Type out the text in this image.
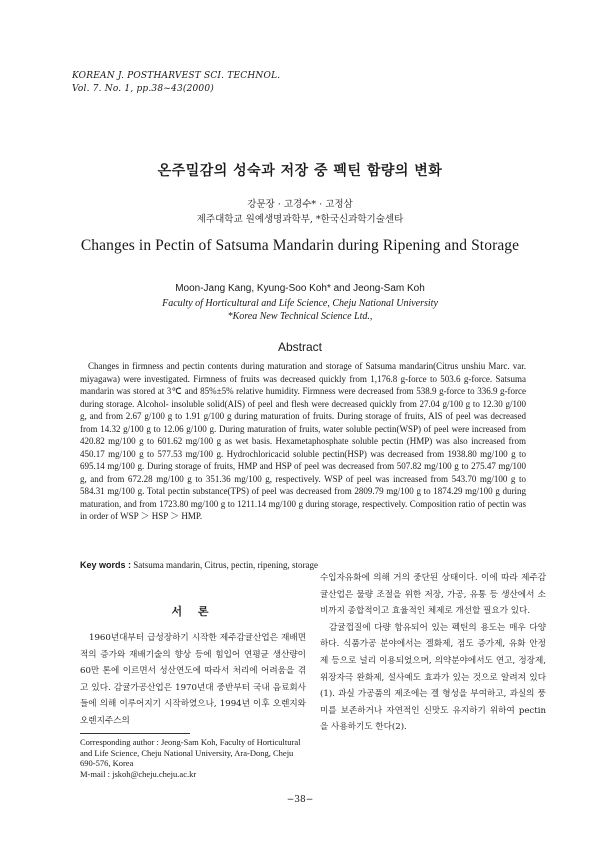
KOREAN J. POSTHARVEST SCI. TECHNOL.
Vol. 7. No. 1, pp.38~43(2000)
온주밀감의 성숙과 저장 중 펙틴 함량의 변화
강문장 · 고경수* · 고정삼
제주대학교 원예생명과학부, *한국신과학기술센타
Changes in Pectin of Satsuma Mandarin during Ripening and Storage
Moon-Jang Kang, Kyung-Soo Koh* and Jeong-Sam Koh
Faculty of Horticultural and Life Science, Cheju National University
*Korea New Technical Science Ltd.,
Abstract

Changes in firmness and pectin contents during maturation and storage of Satsuma mandarin(Citrus unshiu Marc. var. miyagawa) were investigated. Firmness of fruits was decreased quickly from 1,176.8 g-force to 503.6 g-force. Satsuma mandarin was stored at 3℃ and 85%±5% relative humidity. Firmness were decreased from 538.9 g-force to 336.9 g-force during storage. Alcohol- insoluble solid(AIS) of peel and flesh were decreased quickly from 27.04 g/100 g to 12.30 g/100 g, and from 2.67 g/100 g to 1.91 g/100 g during maturation of fruits. During storage of fruits, AIS of peel was decreased from 14.32 g/100 g to 12.06 g/100 g. During maturation of fruits, water soluble pectin(WSP) of peel were increased from 420.82 mg/100 g to 601.62 mg/100 g as wet basis. Hexametaphosphate soluble pectin (HMP) was also increased from 450.17 mg/100 g to 577.53 mg/100 g. Hydrochloricacid soluble pectin(HSP) was decreased from 1938.80 mg/100 g to 695.14 mg/100 g. During storage of fruits, HMP and HSP of peel was decreased from 507.82 mg/100 g to 275.47 mg/100 g, and from 672.28 mg/100 g to 351.36 mg/100 g, respectively. WSP of peel was increased from 543.70 mg/100 g to 584.31 mg/100 g. Total pectin substance(TPS) of peel was decreased from 2809.79 mg/100 g to 1874.29 mg/100 g during maturation, and from 1723.80 mg/100 g to 1211.14 mg/100 g during storage, respectively. Composition ratio of pectin was in order of WSP ＞ HSP ＞ HMP.

Key words : Satsuma mandarin, Citrus, pectin, ripening, storage
서 론

1960년대부터 급성장하기 시작한 제주감귤산업은 재배면적의 증가와 재배기술의 향상 등에 힘입어 연평균 생산량이 60만 톤에 이르면서 성산연도에 따라서 처리에 어려움을 겪고 있다. 감귤가공산업은 1970년대 중반부터 국내 음료회사들에 의해 이루어지기 시작하였으나, 1994년 이후 오렌지와 오렌지주스의

수입자유화에 의해 거의 중단된 상태이다. 이에 따라 제주감귤산업은 물량 조절을 위한 저장, 가공, 유통 등 생산에서 소비까지 종합적이고 효율적인 체제로 개선할 필요가 있다.

감귤껍질에 다량 함유되어 있는 펙틴의 용도는 매우 다양하다. 식품가공 분야에서는 겔화제, 점도 증가제, 유화 안정제 등으로 널리 이용되었으며, 의약분야에서도 연고, 정장제, 위장자극 완화제, 설사예도 효과가 있는 것으로 알려져 있다(1). 과실 가공품의 제조에는 겔 형성을 부여하고, 과실의 풍미를 보존하거나 자연적인 신맛도 유지하기 위하여 pectin을 사용하기도 한다(2).

Corresponding author : Jeong-Sam Koh, Faculty of Horticultural and Life Science, Cheju National University, Ara-Dong, Cheju 690-576, Korea
M-mail : jskoh@cheju.cheju.ac.kr
−38−
